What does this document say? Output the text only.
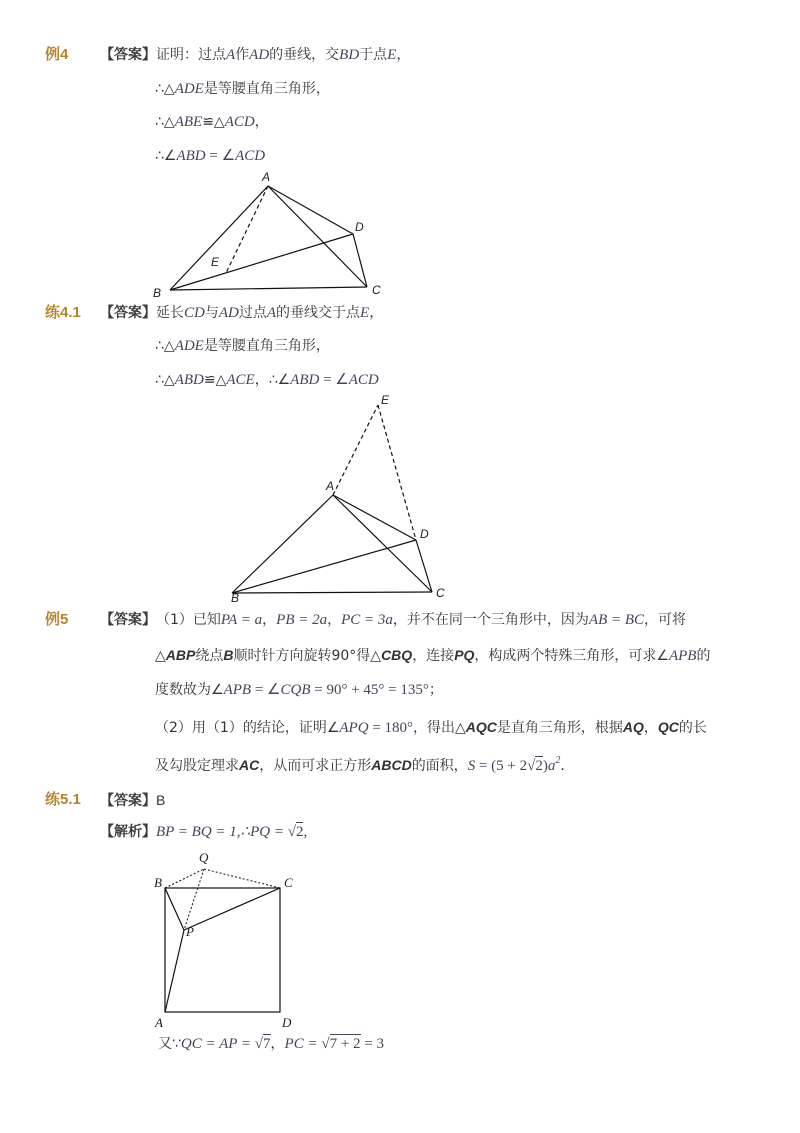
例4 【答案】 证明：过点 A 作 AD 的垂线，交 BD 于点 E ，
∴△ ADE 是等腰直角三角形，
∴△ ABE ≌△ ACD ，
∴∠ ABD  = ∠ ACD
A
B	C
D
E
练4.1 【答案】 延长 CD 与 AD 过点 A 的垂线交于点 E ，
∴△ ADE 是等腰直角三角形，
∴△ ABD ≌△ ACE ，∴∠ ABD  = ∠ ACD
E
A
D
B	C
例5 【答案】 （1）已知 PA = a ， PB = 2a ， PC = 3a ，并不在同一个三角形中，因为 AB = BC ，可将
△ ABP 绕点 B 顺时针方向旋转90°得△ CBQ ，连接 PQ ，构成两个特殊三角形，可求∠ APB 的
度数故为∠ APB  = ∠ CQB  = 90° + 45° = 135° ；
（2）用（1）的结论，证明∠ APQ  = 180° ，得出△ AQC 是直角三角形，根据 AQ ， QC 的长
及勾股定理求 AC ，从而可求正方形 ABCD 的面积， S  = (5 + 2 √ 2 ) a $^2$ ．
练5.1 【答案】 B
【解析】 BP = BQ = 1,∴PQ =  √ 2 ,
Q
B	C
P
A	D
又∵ QC = AP =  √ 7 ， PC =  √ 7 + 2  = 3
